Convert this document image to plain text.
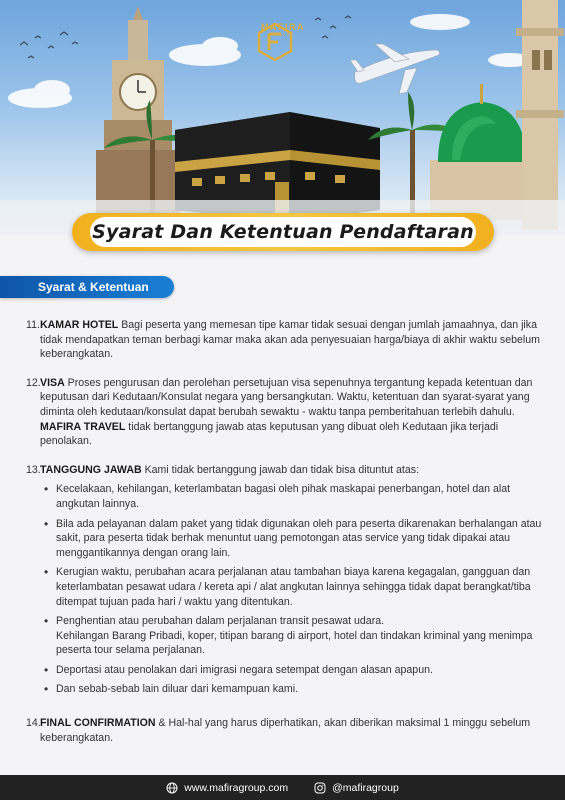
MAFIRA
TRAVEL
Syarat Dan Ketentuan Pendaftaran
Syarat & Ketentuan
11. KAMAR HOTEL Bagi peserta yang memesan tipe kamar tidak sesuai dengan jumlah jamaahnya, dan jika tidak mendapatkan teman berbagi kamar maka akan ada penyesuaian harga/biaya di akhir waktu sebelum keberangkatan.
12. VISA Proses pengurusan dan perolehan persetujuan visa sepenuhnya tergantung kepada ketentuan dan keputusan dari Kedutaan/Konsulat negara yang bersangkutan. Waktu, ketentuan dan syarat-syarat yang diminta oleh kedutaan/konsulat dapat berubah sewaktu - waktu tanpa pemberitahuan terlebih dahulu. MAFIRA TRAVEL tidak bertanggung jawab atas keputusan yang dibuat oleh Kedutaan jika terjadi penolakan.
13. TANGGUNG JAWAB Kami tidak bertanggung jawab dan tidak bisa dituntut atas:
• Kecelakaan, kehilangan, keterlambatan bagasi oleh pihak maskapai penerbangan, hotel dan alat angkutan lainnya.
• Bila ada pelayanan dalam paket yang tidak digunakan oleh para peserta dikarenakan berhalangan atau sakit, para peserta tidak berhak menuntut uang pemotongan atas service yang tidak dipakai atau menggantikannya dengan orang lain.
• Kerugian waktu, perubahan acara perjalanan atau tambahan biaya karena kegagalan, gangguan dan keterlambatan pesawat udara / kereta api / alat angkutan lainnya sehingga tidak dapat berangkat/tiba ditempat tujuan pada hari / waktu yang ditentukan.
• Penghentian atau perubahan dalam perjalanan transit pesawat udara.
Kehilangan Barang Pribadi, koper, titipan barang di airport, hotel dan tindakan kriminal yang menimpa peserta tour selama perjalanan.
• Deportasi atau penolakan dari imigrasi negara setempat dengan alasan apapun.
• Dan sebab-sebab lain diluar dari kemampuan kami.
14. FINAL CONFIRMATION & Hal-hal yang harus diperhatikan, akan diberikan maksimal 1 minggu sebelum keberangkatan.
www.mafiragroup.com	@mafiragroup
